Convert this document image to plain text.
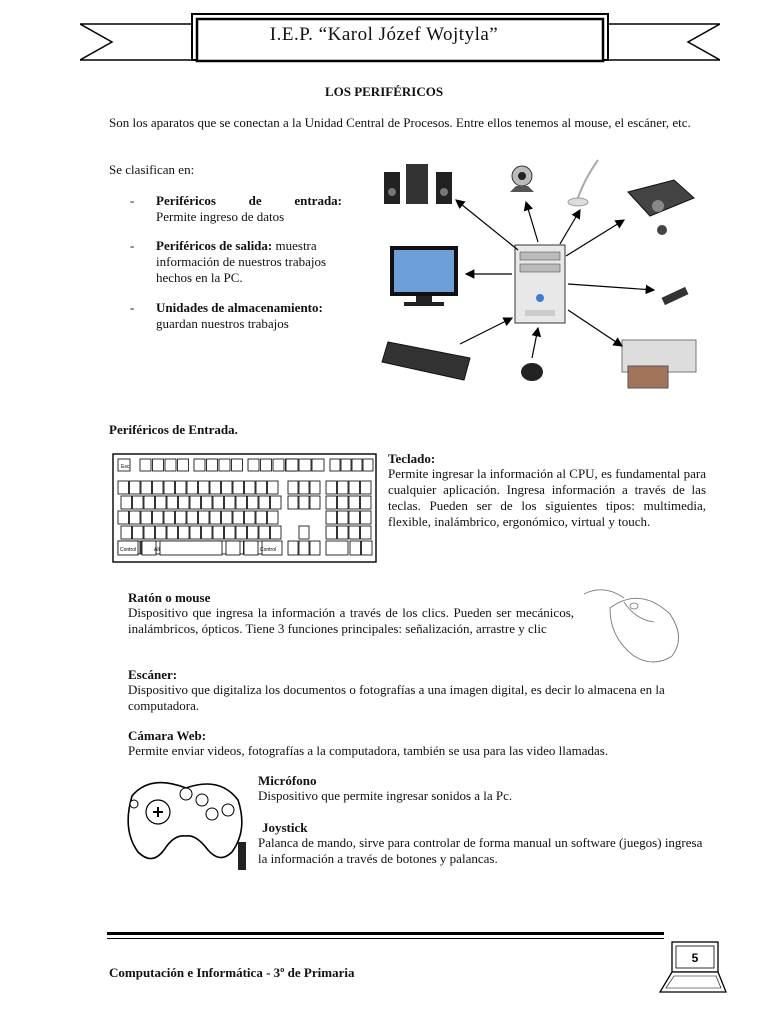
I.E.P. “Karol Józef Wojtyla”
LOS PERIFÉRICOS
Son los aparatos que se conectan a la Unidad Central de Procesos. Entre ellos tenemos al mouse, el escáner, etc.
Se clasifican en:
- Periféricos de entrada:
Permite ingreso de datos
- Periféricos de salida: muestra información de nuestros trabajos hechos en la PC.
- Unidades de almacenamiento:
guardan nuestros trabajos
Periféricos de Entrada.
Esc
Control	Alt	Control
Teclado:
Permite ingresar la información al CPU, es fundamental para cualquier aplicación. Ingresa información a través de las teclas. Pueden ser de los siguientes tipos: multimedia, flexible, inalámbrico, ergonómico, virtual y touch.
Ratón o mouse
Dispositivo que ingresa la información a través de los clics. Pueden ser mecánicos, inalámbricos, ópticos. Tiene 3 funciones principales: señalización, arrastre y clic
Escáner:
Dispositivo que digitaliza los documentos o fotografías a una imagen digital, es decir lo almacena en la computadora.
Cámara Web:
Permite enviar videos, fotografías a la computadora, también se usa para las video llamadas.
Micrófono
Dispositivo que permite ingresar sonidos a la Pc.
Joystick
Palanca de mando, sirve para controlar de forma manual un software (juegos) ingresa la información a través de botones y palancas.
Computación e Informática - 3º de Primaria
5
